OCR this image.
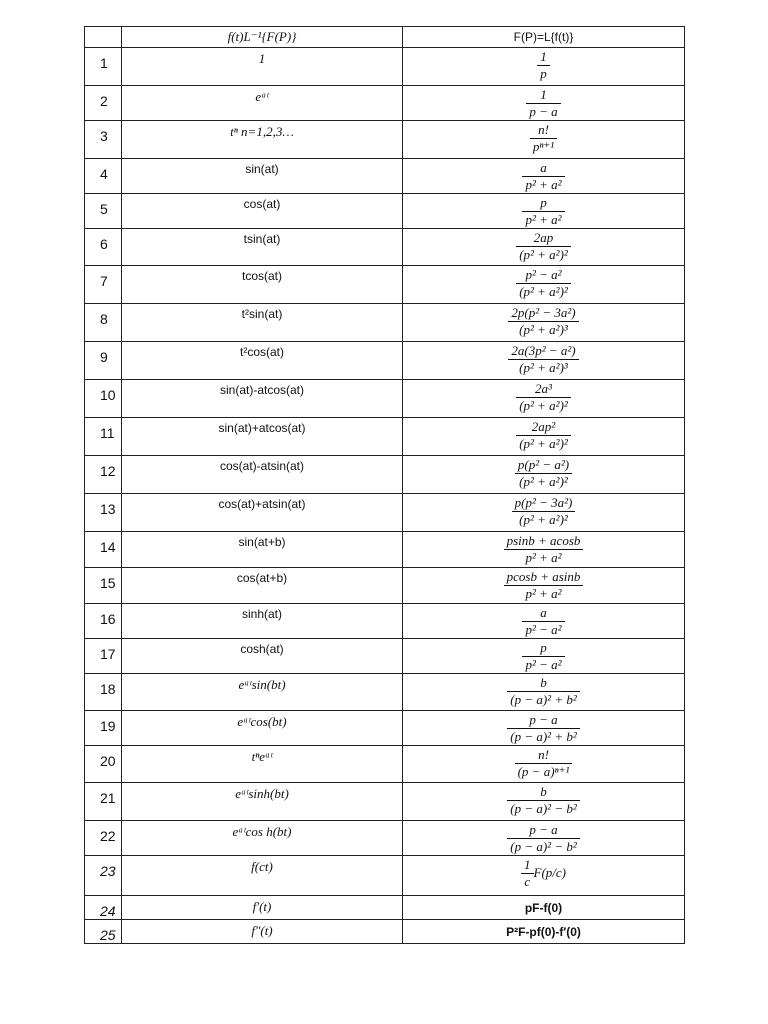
	f(t)L⁻¹{F(P)}	F(P)=L{f(t)}
1	1	$\frac{1}{p}$

2	eᵃᵗ	$\frac{1}{p - a}$

3	tⁿ n=1,2,3…	$\frac{n!}{\text{pⁿ⁺¹}}$

4	sin(at)	$\frac{a}{\text{p² + a²}}$

5	cos(at)	$\frac{p}{\text{p² + a²}}$

6	tsin(at)	$\frac{2ap}{\text{(p² + a²)²}}$

7	tcos(at)	$\frac{\text{p² − a²}}{\text{(p² + a²)²}}$

8	t²sin(at)	$\frac{\text{2p(p² − 3a²)}}{\text{(p² + a²)³}}$

9	t²cos(at)	$\frac{\text{2a(3p² − a²)}}{\text{(p² + a²)³}}$

10	sin(at)-atcos(at)	$\frac{\text{2a³}}{\text{(p² + a²)²}}$

11	sin(at)+atcos(at)	$\frac{\text{2ap²}}{\text{(p² + a²)²}}$

12	cos(at)-atsin(at)	$\frac{\text{p(p² − a²)}}{\text{(p² + a²)²}}$

13	cos(at)+atsin(at)	$\frac{\text{p(p² − 3a²)}}{\text{(p² + a²)²}}$

14	sin(at+b)	$\frac{psinb + acosb}{\text{p² + a²}}$

15	cos(at+b)	$\frac{pcosb + asinb}{\text{p² + a²}}$

16	sinh(at)	$\frac{a}{\text{p² − a²}}$

17	cosh(at)	$\frac{p}{\text{p² − a²}}$

18	eᵃᵗsin(bt)	$\frac{b}{\text{(p − a)² + b²}}$

19	eᵃᵗcos(bt)	$\frac{p - a}{\text{(p − a)² + b²}}$

20	tⁿeᵃᵗ	$\frac{n!}{\text{(p − a)ⁿ⁺¹}}$

21	eᵃᵗsinh(bt)	$\frac{b}{\text{(p − a)² − b²}}$

22	eᵃᵗcos h(bt)	$\frac{p - a}{\text{(p − a)² − b²}}$

23	f(ct)	$\frac{1}{c} F(p/c)$
24	f′(t)	pF-f(0)
25	f″(t)	P²F-pf(0)-f′(0)
